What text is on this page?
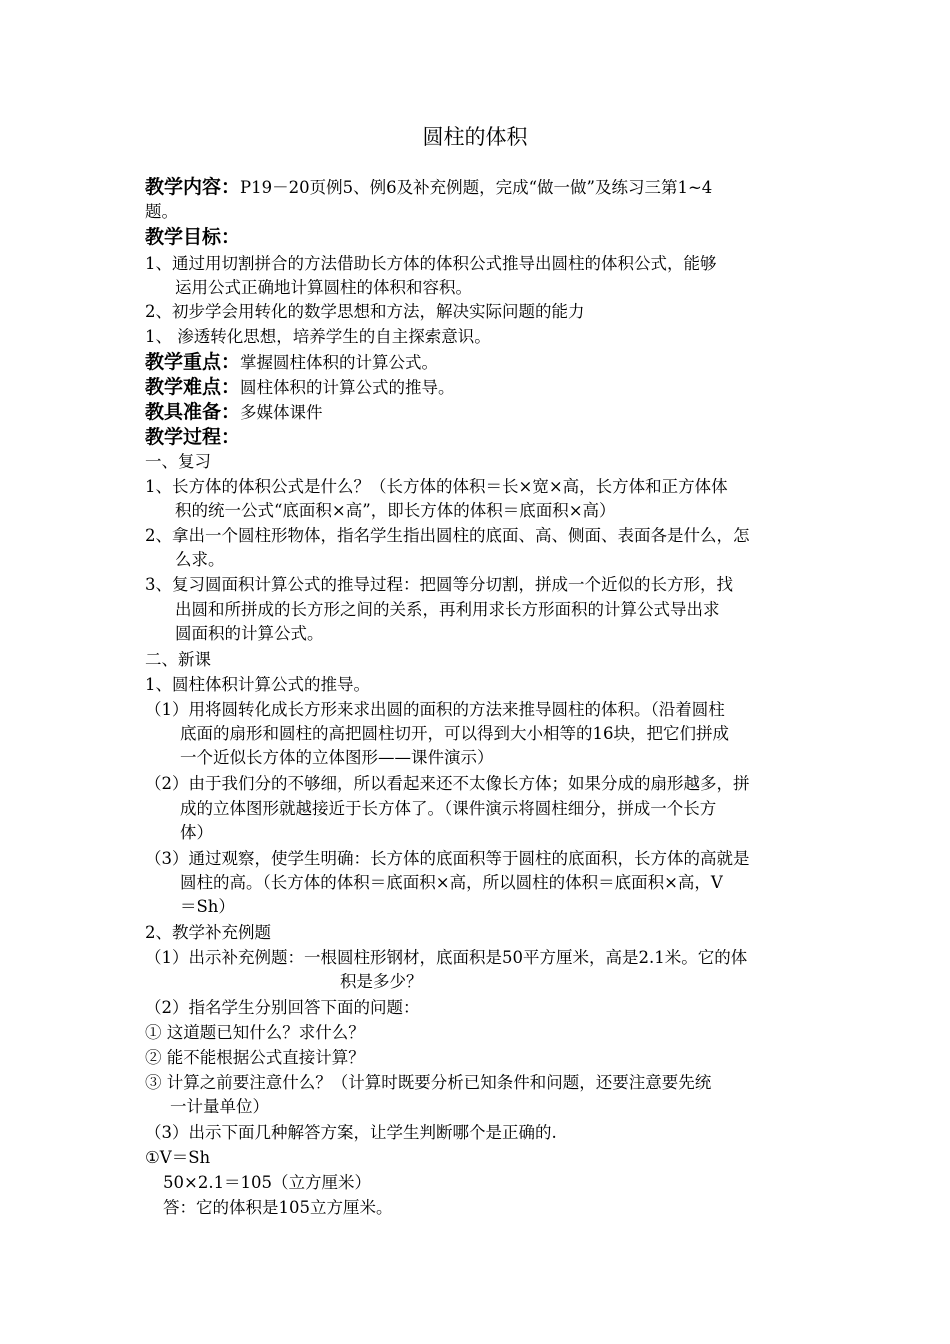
圆柱的体积
教学内容：P19－20页例5、例6及补充例题，完成“做一做”及练习三第1~4
题。
教学目标：
1、通过用切割拼合的方法借助长方体的体积公式推导出圆柱的体积公式，能够
运用公式正确地计算圆柱的体积和容积。
2、初步学会用转化的数学思想和方法，解决实际问题的能力
1、 渗透转化思想，培养学生的自主探索意识。
教学重点：掌握圆柱体积的计算公式。
教学难点：圆柱体积的计算公式的推导。
教具准备：多媒体课件
教学过程：
一、复习
1、长方体的体积公式是什么？（长方体的体积＝长×宽×高，长方体和正方体体
积的统一公式“底面积×高”，即长方体的体积＝底面积×高）
2、拿出一个圆柱形物体，指名学生指出圆柱的底面、高、侧面、表面各是什么，怎
么求。
3、复习圆面积计算公式的推导过程：把圆等分切割，拼成一个近似的长方形，找
出圆和所拼成的长方形之间的关系，再利用求长方形面积的计算公式导出求
圆面积的计算公式。
二、新课
1、圆柱体积计算公式的推导。
（1）用将圆转化成长方形来求出圆的面积的方法来推导圆柱的体积。（沿着圆柱
底面的扇形和圆柱的高把圆柱切开，可以得到大小相等的16块，把它们拼成
一个近似长方体的立体图形——课件演示）
（2）由于我们分的不够细，所以看起来还不太像长方体；如果分成的扇形越多，拼
成的立体图形就越接近于长方体了。（课件演示将圆柱细分，拼成一个长方
体）
（3）通过观察，使学生明确：长方体的底面积等于圆柱的底面积，长方体的高就是
圆柱的高。（长方体的体积＝底面积×高，所以圆柱的体积＝底面积×高，V
＝Sh）
2、教学补充例题
（1）出示补充例题：一根圆柱形钢材，底面积是50平方厘米，高是2.1米。它的体
积是多少？
（2）指名学生分别回答下面的问题：
① 这道题已知什么？求什么？
② 能不能根据公式直接计算？
③ 计算之前要注意什么？（计算时既要分析已知条件和问题，还要注意要先统
一计量单位）
（3）出示下面几种解答方案，让学生判断哪个是正确的.
①V＝Sh
50×2.1＝105（立方厘米）
答：它的体积是105立方厘米。
